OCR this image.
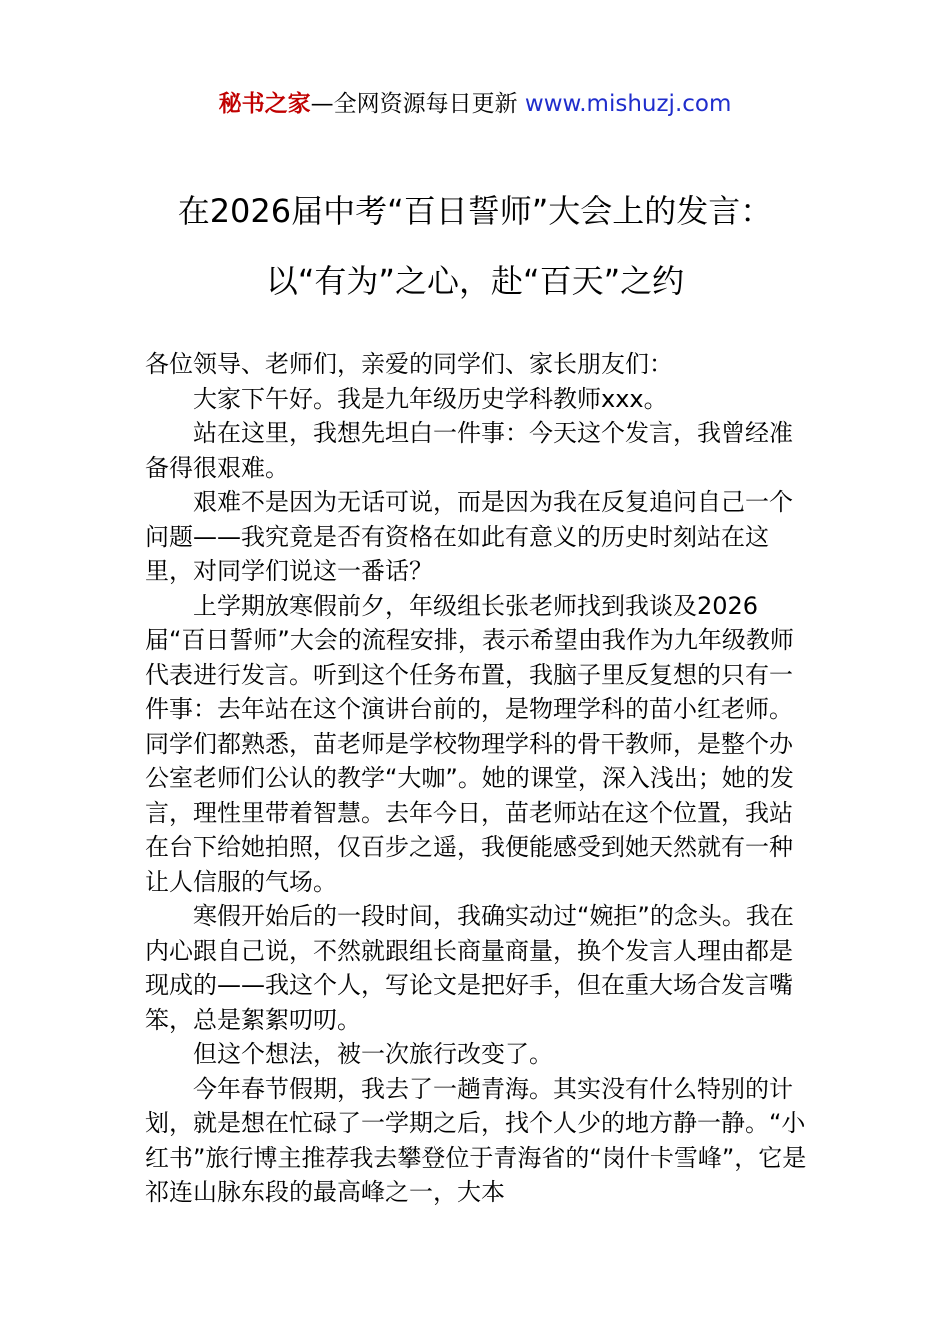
秘书之家—全网资源每日更新 www.mishuzj.com
在2026届中考“百日誓师”大会上的发言：
以“有为”之心，赴“百天”之约

各位领导、老师们，亲爱的同学们、家长朋友们：

大家下午好。我是九年级历史学科教师xxx。

站在这里，我想先坦白一件事：今天这个发言，我曾经准备得很艰难。

艰难不是因为无话可说，而是因为我在反复追问自己一个问题——我究竟是否有资格在如此有意义的历史时刻站在这里，对同学们说这一番话？

上学期放寒假前夕，年级组长张老师找到我谈及2026届“百日誓师”大会的流程安排，表示希望由我作为九年级教师代表进行发言。听到这个任务布置，我脑子里反复想的只有一件事：去年站在这个演讲台前的，是物理学科的苗小红老师。同学们都熟悉，苗老师是学校物理学科的骨干教师，是整个办公室老师们公认的教学“大咖”。她的课堂，深入浅出；她的发言，理性里带着智慧。去年今日，苗老师站在这个位置，我站在台下给她拍照，仅百步之遥，我便能感受到她天然就有一种让人信服的气场。

寒假开始后的一段时间，我确实动过“婉拒”的念头。我在内心跟自己说，不然就跟组长商量商量，换个发言人理由都是现成的——我这个人，写论文是把好手，但在重大场合发言嘴笨，总是絮絮叨叨。

但这个想法，被一次旅行改变了。

今年春节假期，我去了一趟青海。其实没有什么特别的计划，就是想在忙碌了一学期之后，找个人少的地方静一静。“小红书”旅行博主推荐我去攀登位于青海省的“岗什卡雪峰”，它是祁连山脉东段的最高峰之一，大本
